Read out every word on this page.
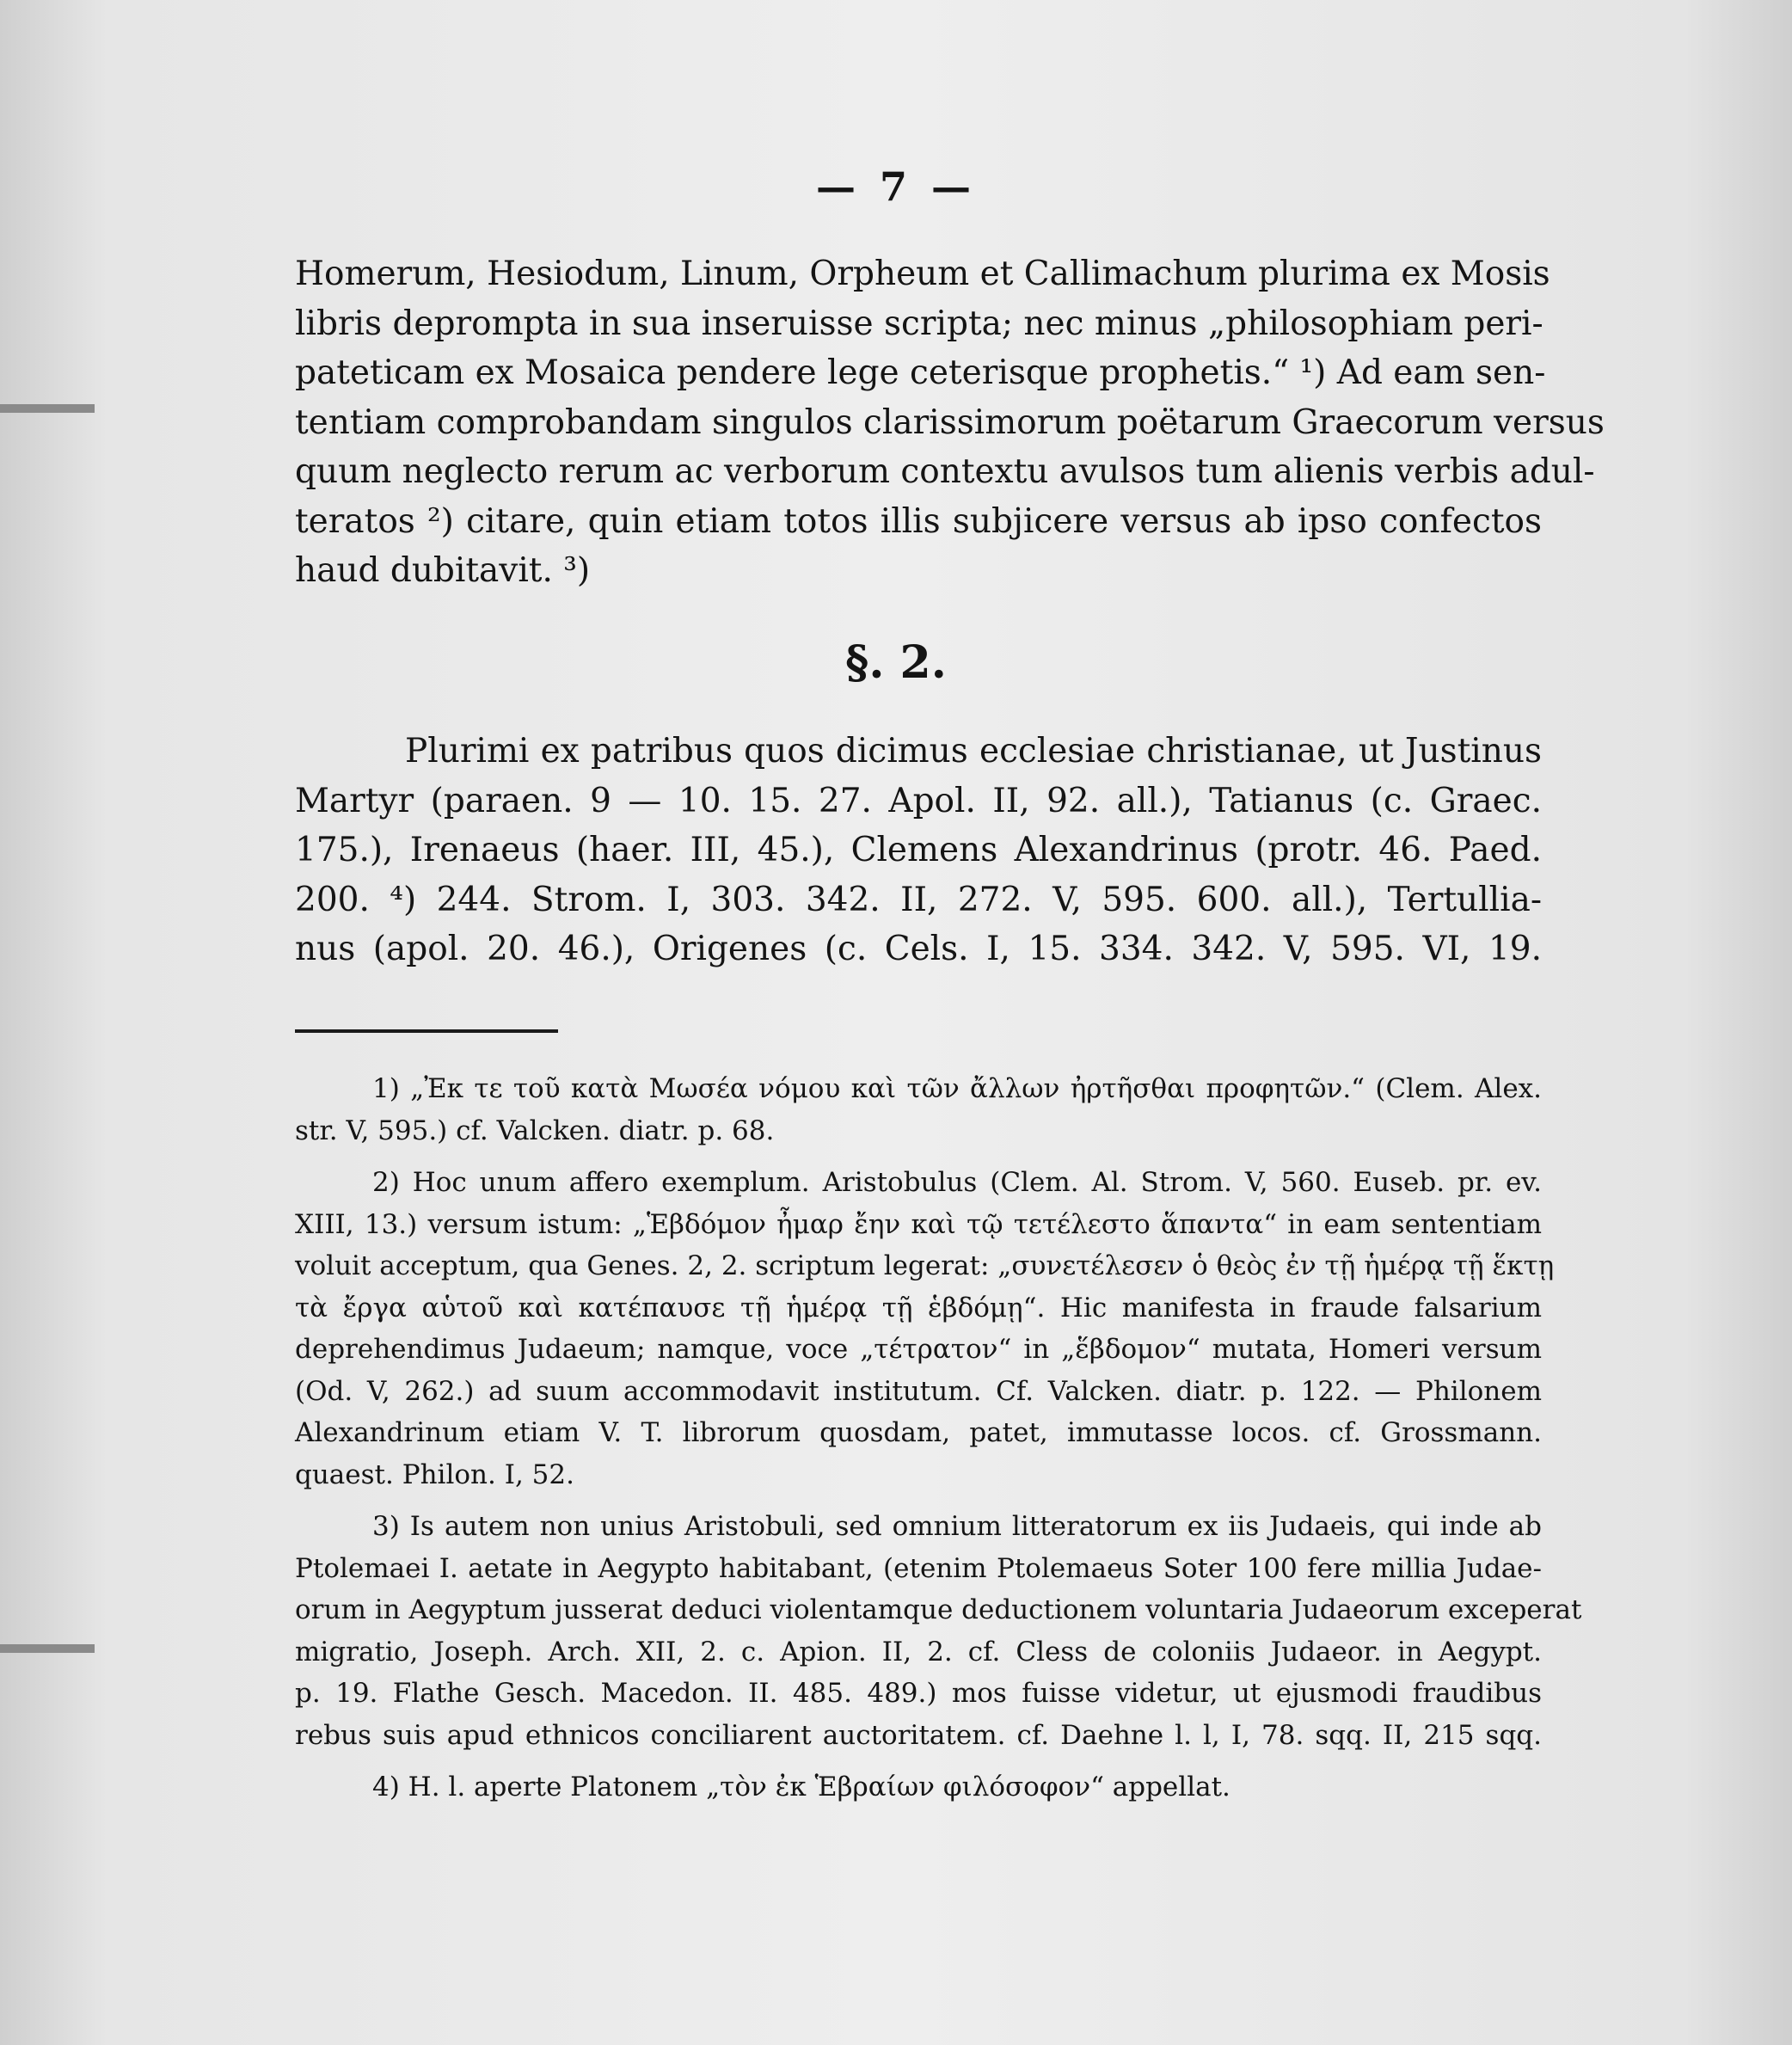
— 7 —
Homerum, Hesiodum, Linum, Orpheum et Callimachum plurima ex Mosis
libris deprompta in sua inseruisse scripta; nec minus „philosophiam peri-
pateticam ex Mosaica pendere lege ceterisque prophetis.“ ¹) Ad eam sen-
tentiam comprobandam singulos clarissimorum poëtarum Graecorum versus
quum neglecto rerum ac verborum contextu avulsos tum alienis verbis adul-
teratos ²) citare, quin etiam totos illis subjicere versus ab ipso confectos
haud dubitavit. ³)
§. 2.
Plurimi ex patribus quos dicimus ecclesiae christianae, ut Justinus
Martyr (paraen. 9 — 10. 15. 27. Apol. II, 92. all.), Tatianus (c. Graec.
175.), Irenaeus (haer. III, 45.), Clemens Alexandrinus (protr. 46. Paed.
200. ⁴) 244. Strom. I, 303. 342. II, 272. V, 595. 600. all.), Tertullia-
nus (apol. 20. 46.), Origenes (c. Cels. I, 15. 334. 342. V, 595. VI, 19.
1) „Ἐκ τε τοῦ κατὰ Μωσέα νόμου καὶ τῶν ἄλλων ἠρτῆσθαι προφητῶν.“ (Clem. Alex.
str. V, 595.) cf. Valcken. diatr. p. 68.
2) Hoc unum affero exemplum. Aristobulus (Clem. Al. Strom. V, 560. Euseb. pr. ev.
XIII, 13.) versum istum: „Ἑβδόμον ἦμαρ ἔην καὶ τῷ τετέλεστο ἅπαντα“ in eam sententiam
voluit acceptum, qua Genes. 2, 2. scriptum legerat: „συνετέλεσεν ὁ θεὸς ἐν τῇ ἡμέρᾳ τῇ ἕκτῃ
τὰ ἔργα αὑτοῦ καὶ κατέπαυσε τῇ ἡμέρᾳ τῇ ἑβδόμῃ“. Hic manifesta in fraude falsarium
deprehendimus Judaeum; namque, voce „τέτρατον“ in „ἕβδομον“ mutata, Homeri versum
(Od. V, 262.) ad suum accommodavit institutum. Cf. Valcken. diatr. p. 122. — Philonem
Alexandrinum etiam V. T. librorum quosdam, patet, immutasse locos. cf. Grossmann.
quaest. Philon. I, 52.
3) Is autem non unius Aristobuli, sed omnium litteratorum ex iis Judaeis, qui inde ab
Ptolemaei I. aetate in Aegypto habitabant, (etenim Ptolemaeus Soter 100 fere millia Judae-
orum in Aegyptum jusserat deduci violentamque deductionem voluntaria Judaeorum exceperat
migratio, Joseph. Arch. XII, 2. c. Apion. II, 2. cf. Cless de coloniis Judaeor. in Aegypt.
p. 19. Flathe Gesch. Macedon. II. 485. 489.) mos fuisse videtur, ut ejusmodi fraudibus
rebus suis apud ethnicos conciliarent auctoritatem. cf. Daehne l. l, I, 78. sqq. II, 215 sqq.
4) H. l. aperte Platonem „τὸν ἐκ Ἑβραίων φιλόσοφον“ appellat.
